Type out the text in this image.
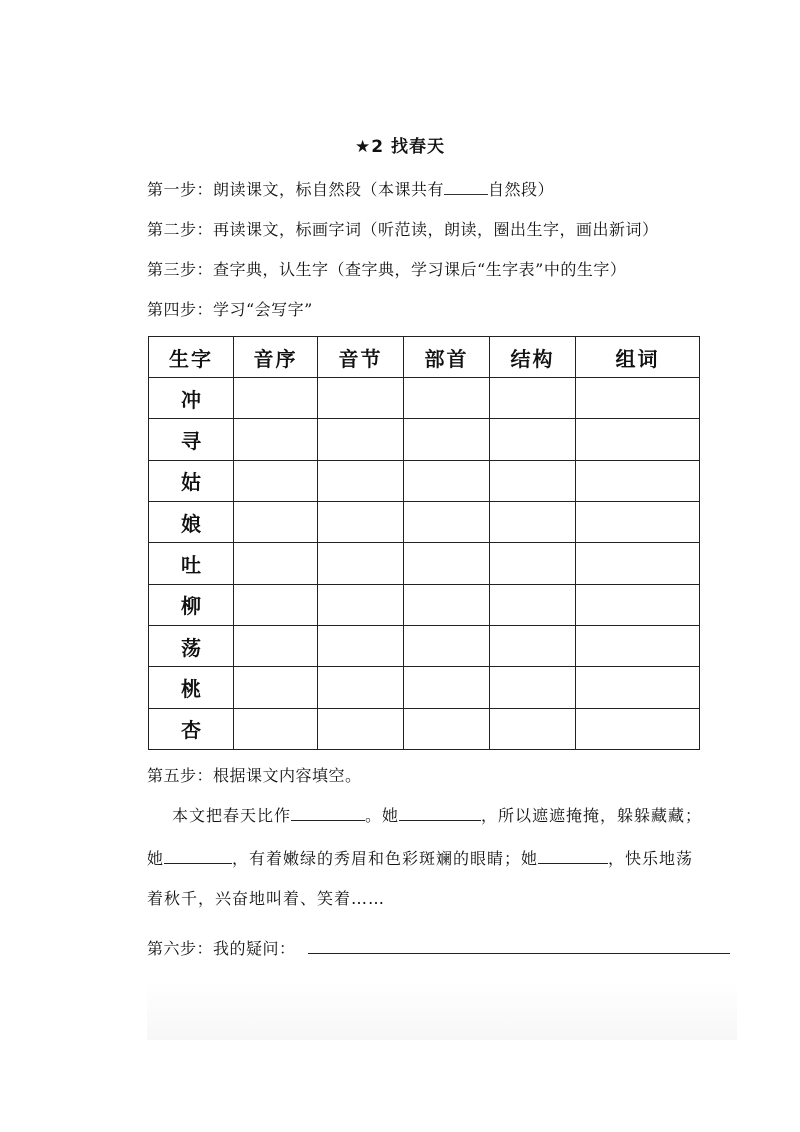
★2 找春天
第一步：朗读课文，标自然段（本课共有	自然段）
第二步：再读课文，标画字词（听范读，朗读，圈出生字，画出新词）
第三步：查字典，认生字（查字典，学习课后“生字表”中的生字）
第四步：学习“会写字”
生字	音序	音节	部首	结构	组词
冲					
寻					
姑					
娘					
吐					
柳					
荡					
桃					
杏					
第五步：根据课文内容填空。
本文把春天比作	。她	，所以遮遮掩掩，躲躲藏藏；
她	，有着嫩绿的秀眉和色彩斑斓的眼睛；她	，快乐地荡
着秋千，兴奋地叫着、笑着……
第六步：我的疑问：
